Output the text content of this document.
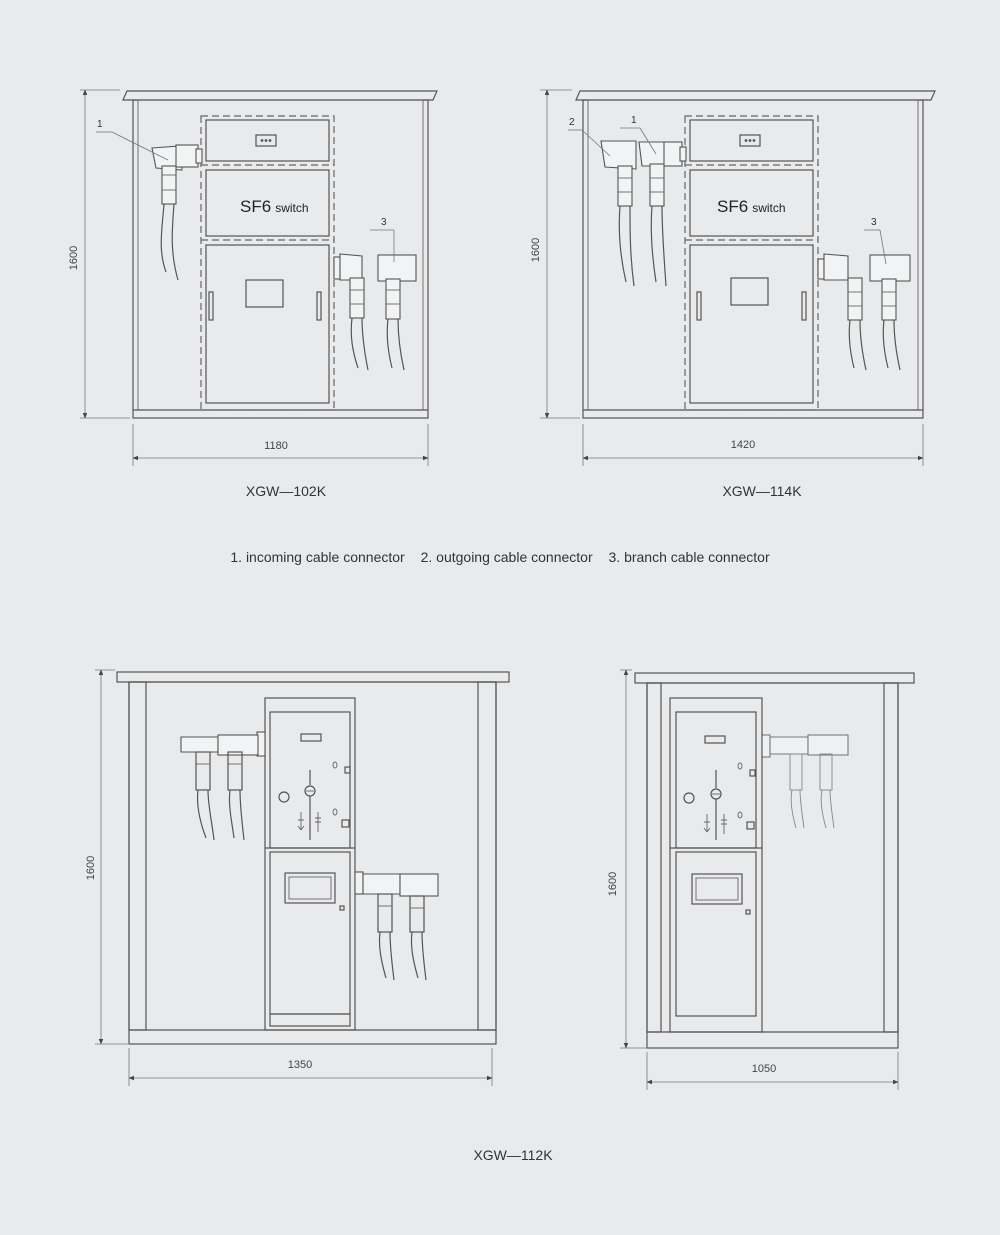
SF6 switch
1
3
1600
1180
XGW—102K
SF6 switch
2	1
3
1600
1420
XGW—114K
1600
1350
1600
1050
XGW—112K
1. incoming cable connector 2. outgoing cable connector 3. branch cable connector
